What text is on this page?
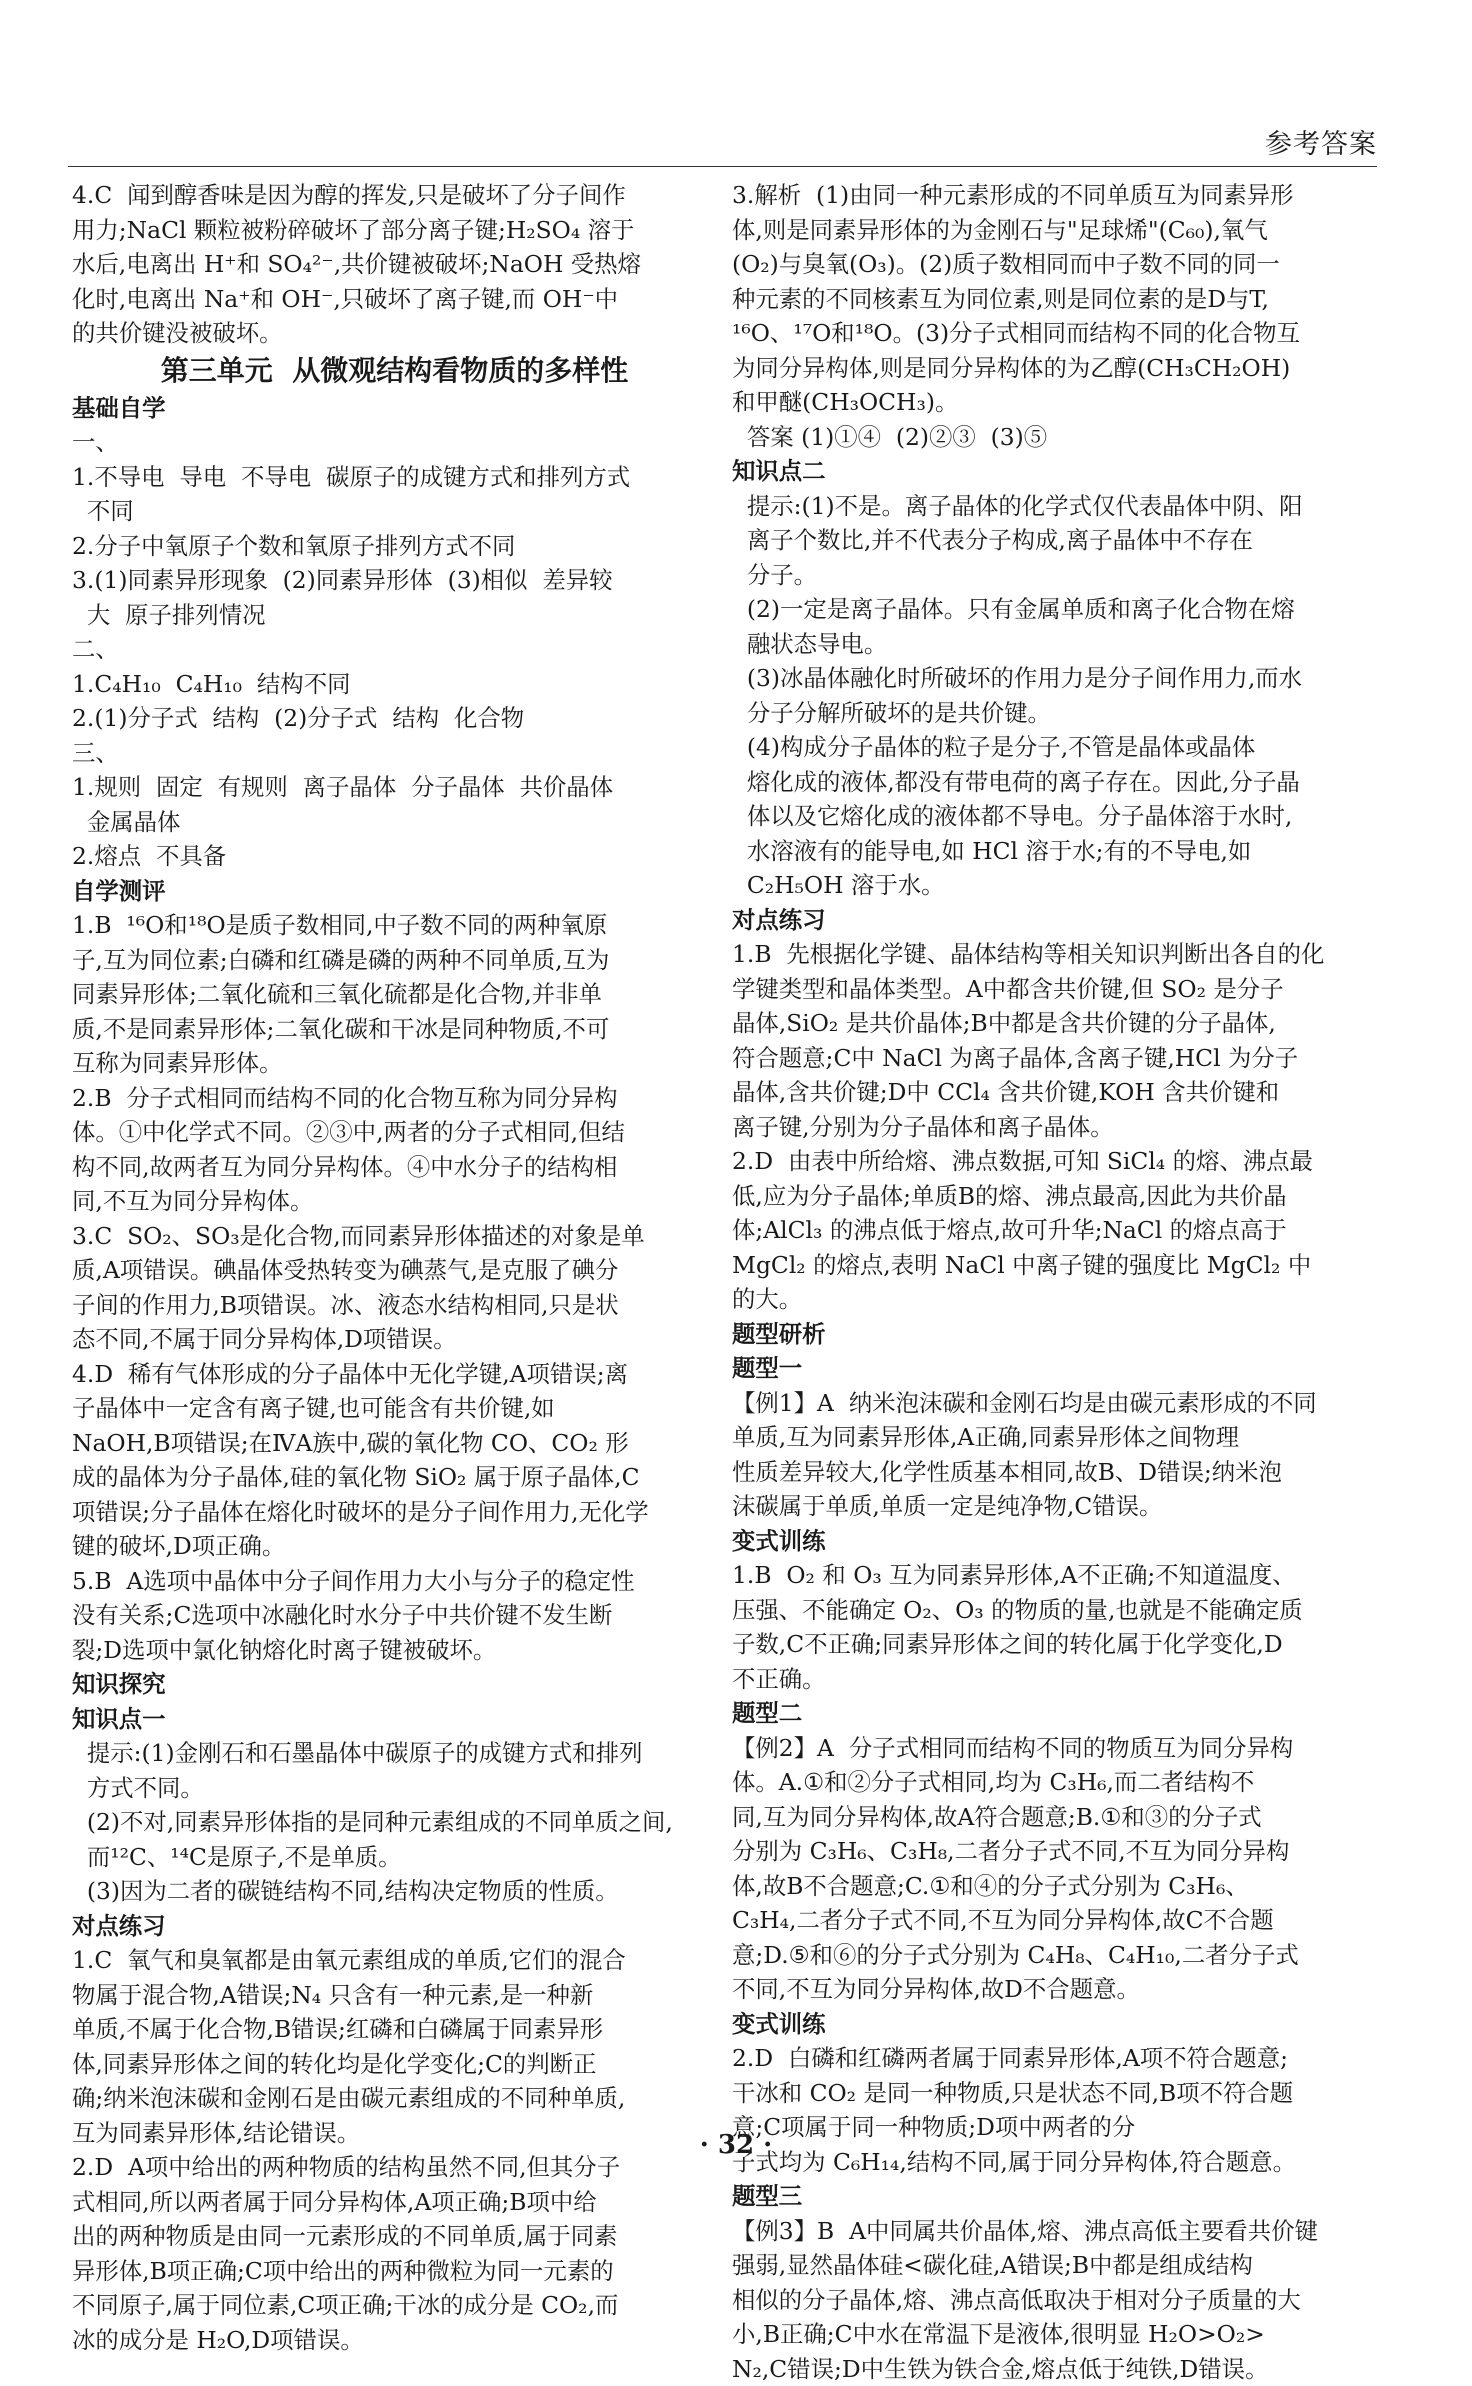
参考答案
4.C  闻到醇香味是因为醇的挥发,只是破坏了分子间作
用力;NaCl 颗粒被粉碎破坏了部分离子键;H₂SO₄ 溶于
水后,电离出 H⁺和 SO₄²⁻,共价键被破坏;NaOH 受热熔
化时,电离出 Na⁺和 OH⁻,只破坏了离子键,而 OH⁻中
的共价键没被破坏。
第三单元  从微观结构看物质的多样性
基础自学
一、
1.不导电  导电  不导电  碳原子的成键方式和排列方式
不同
2.分子中氧原子个数和氧原子排列方式不同
3.(1)同素异形现象  (2)同素异形体  (3)相似  差异较
大  原子排列情况
二、
1.C₄H₁₀  C₄H₁₀  结构不同
2.(1)分子式  结构  (2)分子式  结构  化合物
三、
1.规则  固定  有规则  离子晶体  分子晶体  共价晶体
金属晶体
2.熔点  不具备
自学测评
1.B  ¹⁶O和¹⁸O是质子数相同,中子数不同的两种氧原
子,互为同位素;白磷和红磷是磷的两种不同单质,互为
同素异形体;二氧化硫和三氧化硫都是化合物,并非单
质,不是同素异形体;二氧化碳和干冰是同种物质,不可
互称为同素异形体。
2.B  分子式相同而结构不同的化合物互称为同分异构
体。①中化学式不同。②③中,两者的分子式相同,但结
构不同,故两者互为同分异构体。④中水分子的结构相
同,不互为同分异构体。
3.C  SO₂、SO₃是化合物,而同素异形体描述的对象是单
质,A项错误。碘晶体受热转变为碘蒸气,是克服了碘分
子间的作用力,B项错误。冰、液态水结构相同,只是状
态不同,不属于同分异构体,D项错误。
4.D  稀有气体形成的分子晶体中无化学键,A项错误;离
子晶体中一定含有离子键,也可能含有共价键,如
NaOH,B项错误;在ⅣA族中,碳的氧化物 CO、CO₂ 形
成的晶体为分子晶体,硅的氧化物 SiO₂ 属于原子晶体,C
项错误;分子晶体在熔化时破坏的是分子间作用力,无化学
键的破坏,D项正确。
5.B  A选项中晶体中分子间作用力大小与分子的稳定性
没有关系;C选项中冰融化时水分子中共价键不发生断
裂;D选项中氯化钠熔化时离子键被破坏。
知识探究
知识点一
提示:(1)金刚石和石墨晶体中碳原子的成键方式和排列
方式不同。
(2)不对,同素异形体指的是同种元素组成的不同单质之间,
而¹²C、¹⁴C是原子,不是单质。
(3)因为二者的碳链结构不同,结构决定物质的性质。
对点练习
1.C  氧气和臭氧都是由氧元素组成的单质,它们的混合
物属于混合物,A错误;N₄ 只含有一种元素,是一种新
单质,不属于化合物,B错误;红磷和白磷属于同素异形
体,同素异形体之间的转化均是化学变化;C的判断正
确;纳米泡沫碳和金刚石是由碳元素组成的不同种单质,
互为同素异形体,结论错误。
2.D  A项中给出的两种物质的结构虽然不同,但其分子
式相同,所以两者属于同分异构体,A项正确;B项中给
出的两种物质是由同一元素形成的不同单质,属于同素
异形体,B项正确;C项中给出的两种微粒为同一元素的
不同原子,属于同位素,C项正确;干冰的成分是 CO₂,而
冰的成分是 H₂O,D项错误。
3.解析  (1)由同一种元素形成的不同单质互为同素异形
体,则是同素异形体的为金刚石与"足球烯"(C₆₀),氧气
(O₂)与臭氧(O₃)。(2)质子数相同而中子数不同的同一
种元素的不同核素互为同位素,则是同位素的是D与T,
¹⁶O、¹⁷O和¹⁸O。(3)分子式相同而结构不同的化合物互
为同分异构体,则是同分异构体的为乙醇(CH₃CH₂OH)
和甲醚(CH₃OCH₃)。
答案 (1)①④  (2)②③  (3)⑤
知识点二
提示:(1)不是。离子晶体的化学式仅代表晶体中阴、阳
离子个数比,并不代表分子构成,离子晶体中不存在
分子。
(2)一定是离子晶体。只有金属单质和离子化合物在熔
融状态导电。
(3)冰晶体融化时所破坏的作用力是分子间作用力,而水
分子分解所破坏的是共价键。
(4)构成分子晶体的粒子是分子,不管是晶体或晶体
熔化成的液体,都没有带电荷的离子存在。因此,分子晶
体以及它熔化成的液体都不导电。分子晶体溶于水时,
水溶液有的能导电,如 HCl 溶于水;有的不导电,如
C₂H₅OH 溶于水。
对点练习
1.B  先根据化学键、晶体结构等相关知识判断出各自的化
学键类型和晶体类型。A中都含共价键,但 SO₂ 是分子
晶体,SiO₂ 是共价晶体;B中都是含共价键的分子晶体,
符合题意;C中 NaCl 为离子晶体,含离子键,HCl 为分子
晶体,含共价键;D中 CCl₄ 含共价键,KOH 含共价键和
离子键,分别为分子晶体和离子晶体。
2.D  由表中所给熔、沸点数据,可知 SiCl₄ 的熔、沸点最
低,应为分子晶体;单质B的熔、沸点最高,因此为共价晶
体;AlCl₃ 的沸点低于熔点,故可升华;NaCl 的熔点高于
MgCl₂ 的熔点,表明 NaCl 中离子键的强度比 MgCl₂ 中
的大。
题型研析
题型一
【例1】A  纳米泡沫碳和金刚石均是由碳元素形成的不同
单质,互为同素异形体,A正确,同素异形体之间物理
性质差异较大,化学性质基本相同,故B、D错误;纳米泡
沫碳属于单质,单质一定是纯净物,C错误。
变式训练
1.B  O₂ 和 O₃ 互为同素异形体,A不正确;不知道温度、
压强、不能确定 O₂、O₃ 的物质的量,也就是不能确定质
子数,C不正确;同素异形体之间的转化属于化学变化,D
不正确。
题型二
【例2】A  分子式相同而结构不同的物质互为同分异构
体。A.①和②分子式相同,均为 C₃H₆,而二者结构不
同,互为同分异构体,故A符合题意;B.①和③的分子式
分别为 C₃H₆、C₃H₈,二者分子式不同,不互为同分异构
体,故B不合题意;C.①和④的分子式分别为 C₃H₆、
C₃H₄,二者分子式不同,不互为同分异构体,故C不合题
意;D.⑤和⑥的分子式分别为 C₄H₈、C₄H₁₀,二者分子式
不同,不互为同分异构体,故D不合题意。
变式训练
2.D  白磷和红磷两者属于同素异形体,A项不符合题意;
干冰和 CO₂ 是同一种物质,只是状态不同,B项不符合题
意;C项属于同一种物质;D项中两者的分
子式均为 C₆H₁₄,结构不同,属于同分异构体,符合题意。
题型三
【例3】B  A中同属共价晶体,熔、沸点高低主要看共价键
强弱,显然晶体硅<碳化硅,A错误;B中都是组成结构
相似的分子晶体,熔、沸点高低取决于相对分子质量的大
小,B正确;C中水在常温下是液体,很明显 H₂O>O₂>
N₂,C错误;D中生铁为铁合金,熔点低于纯铁,D错误。
· 32 ·
